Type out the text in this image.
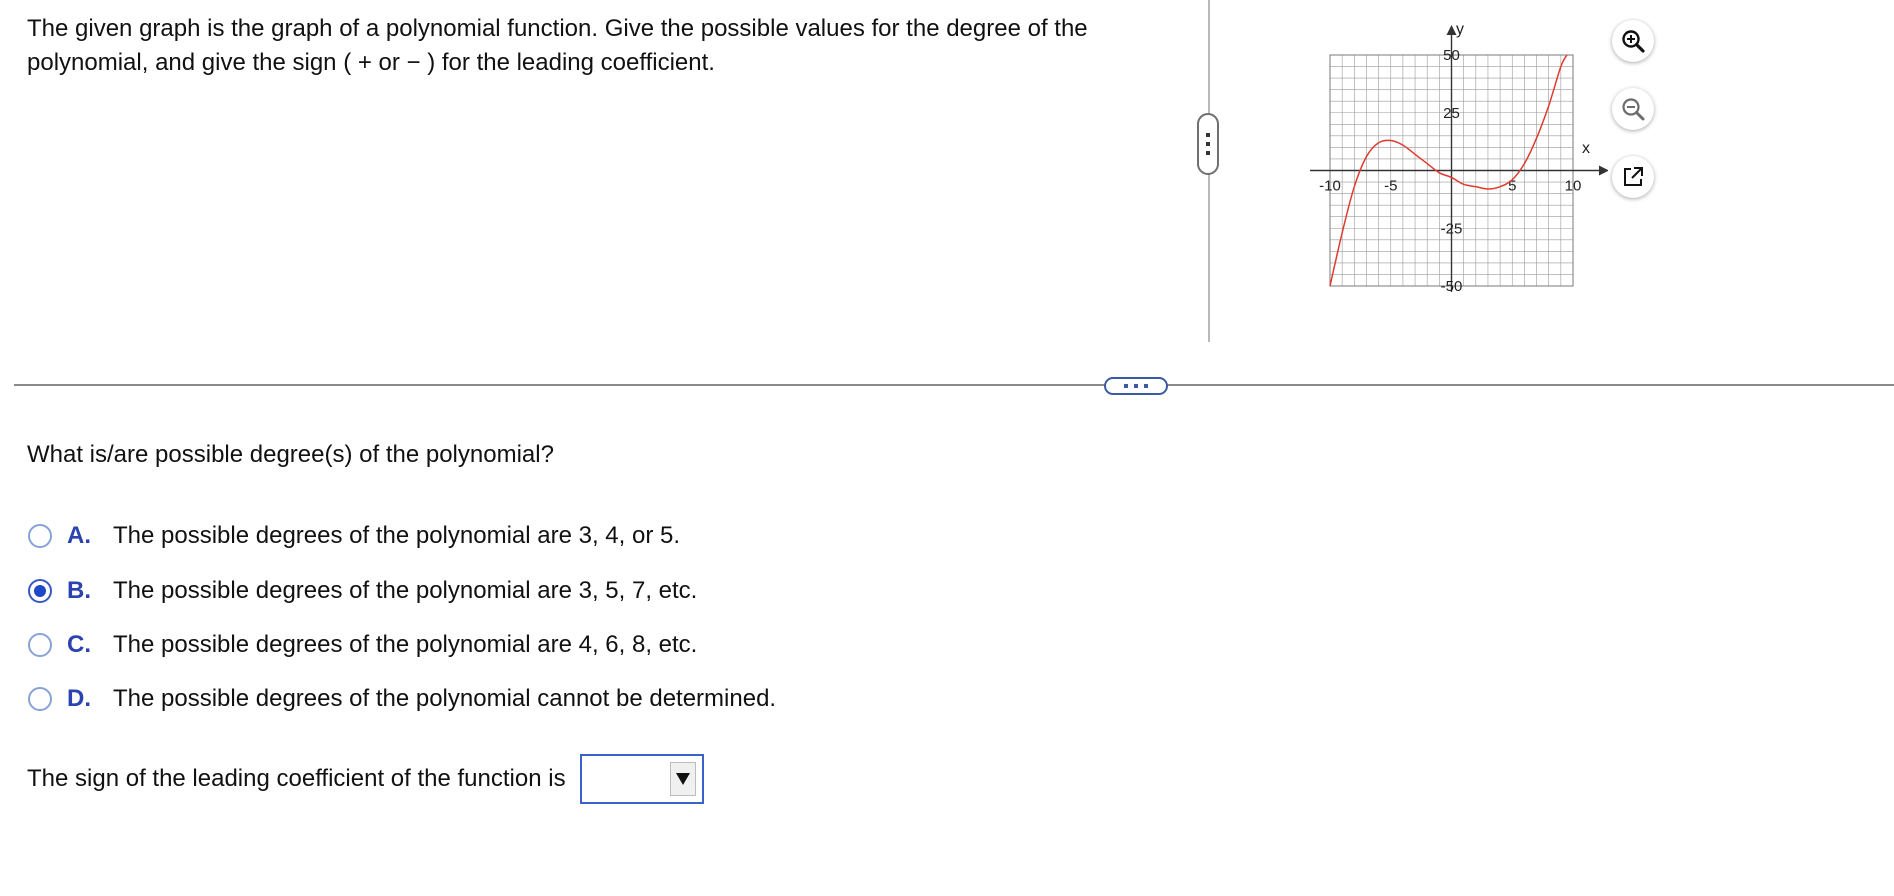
The given graph is the graph of a polynomial function. Give the possible values for the degree of the polynomial, and give the sign ( + or − ) for the leading coefficient.
-10	-5	5	10
50
25
-25
-50
x
y
What is/are possible degree(s) of the polynomial?
A. The possible degrees of the polynomial are 3, 4, or 5.
B. The possible degrees of the polynomial are 3, 5, 7, etc.
C. The possible degrees of the polynomial are 4, 6, 8, etc.
D. The possible degrees of the polynomial cannot be determined.
The sign of the leading coefficient of the function is
